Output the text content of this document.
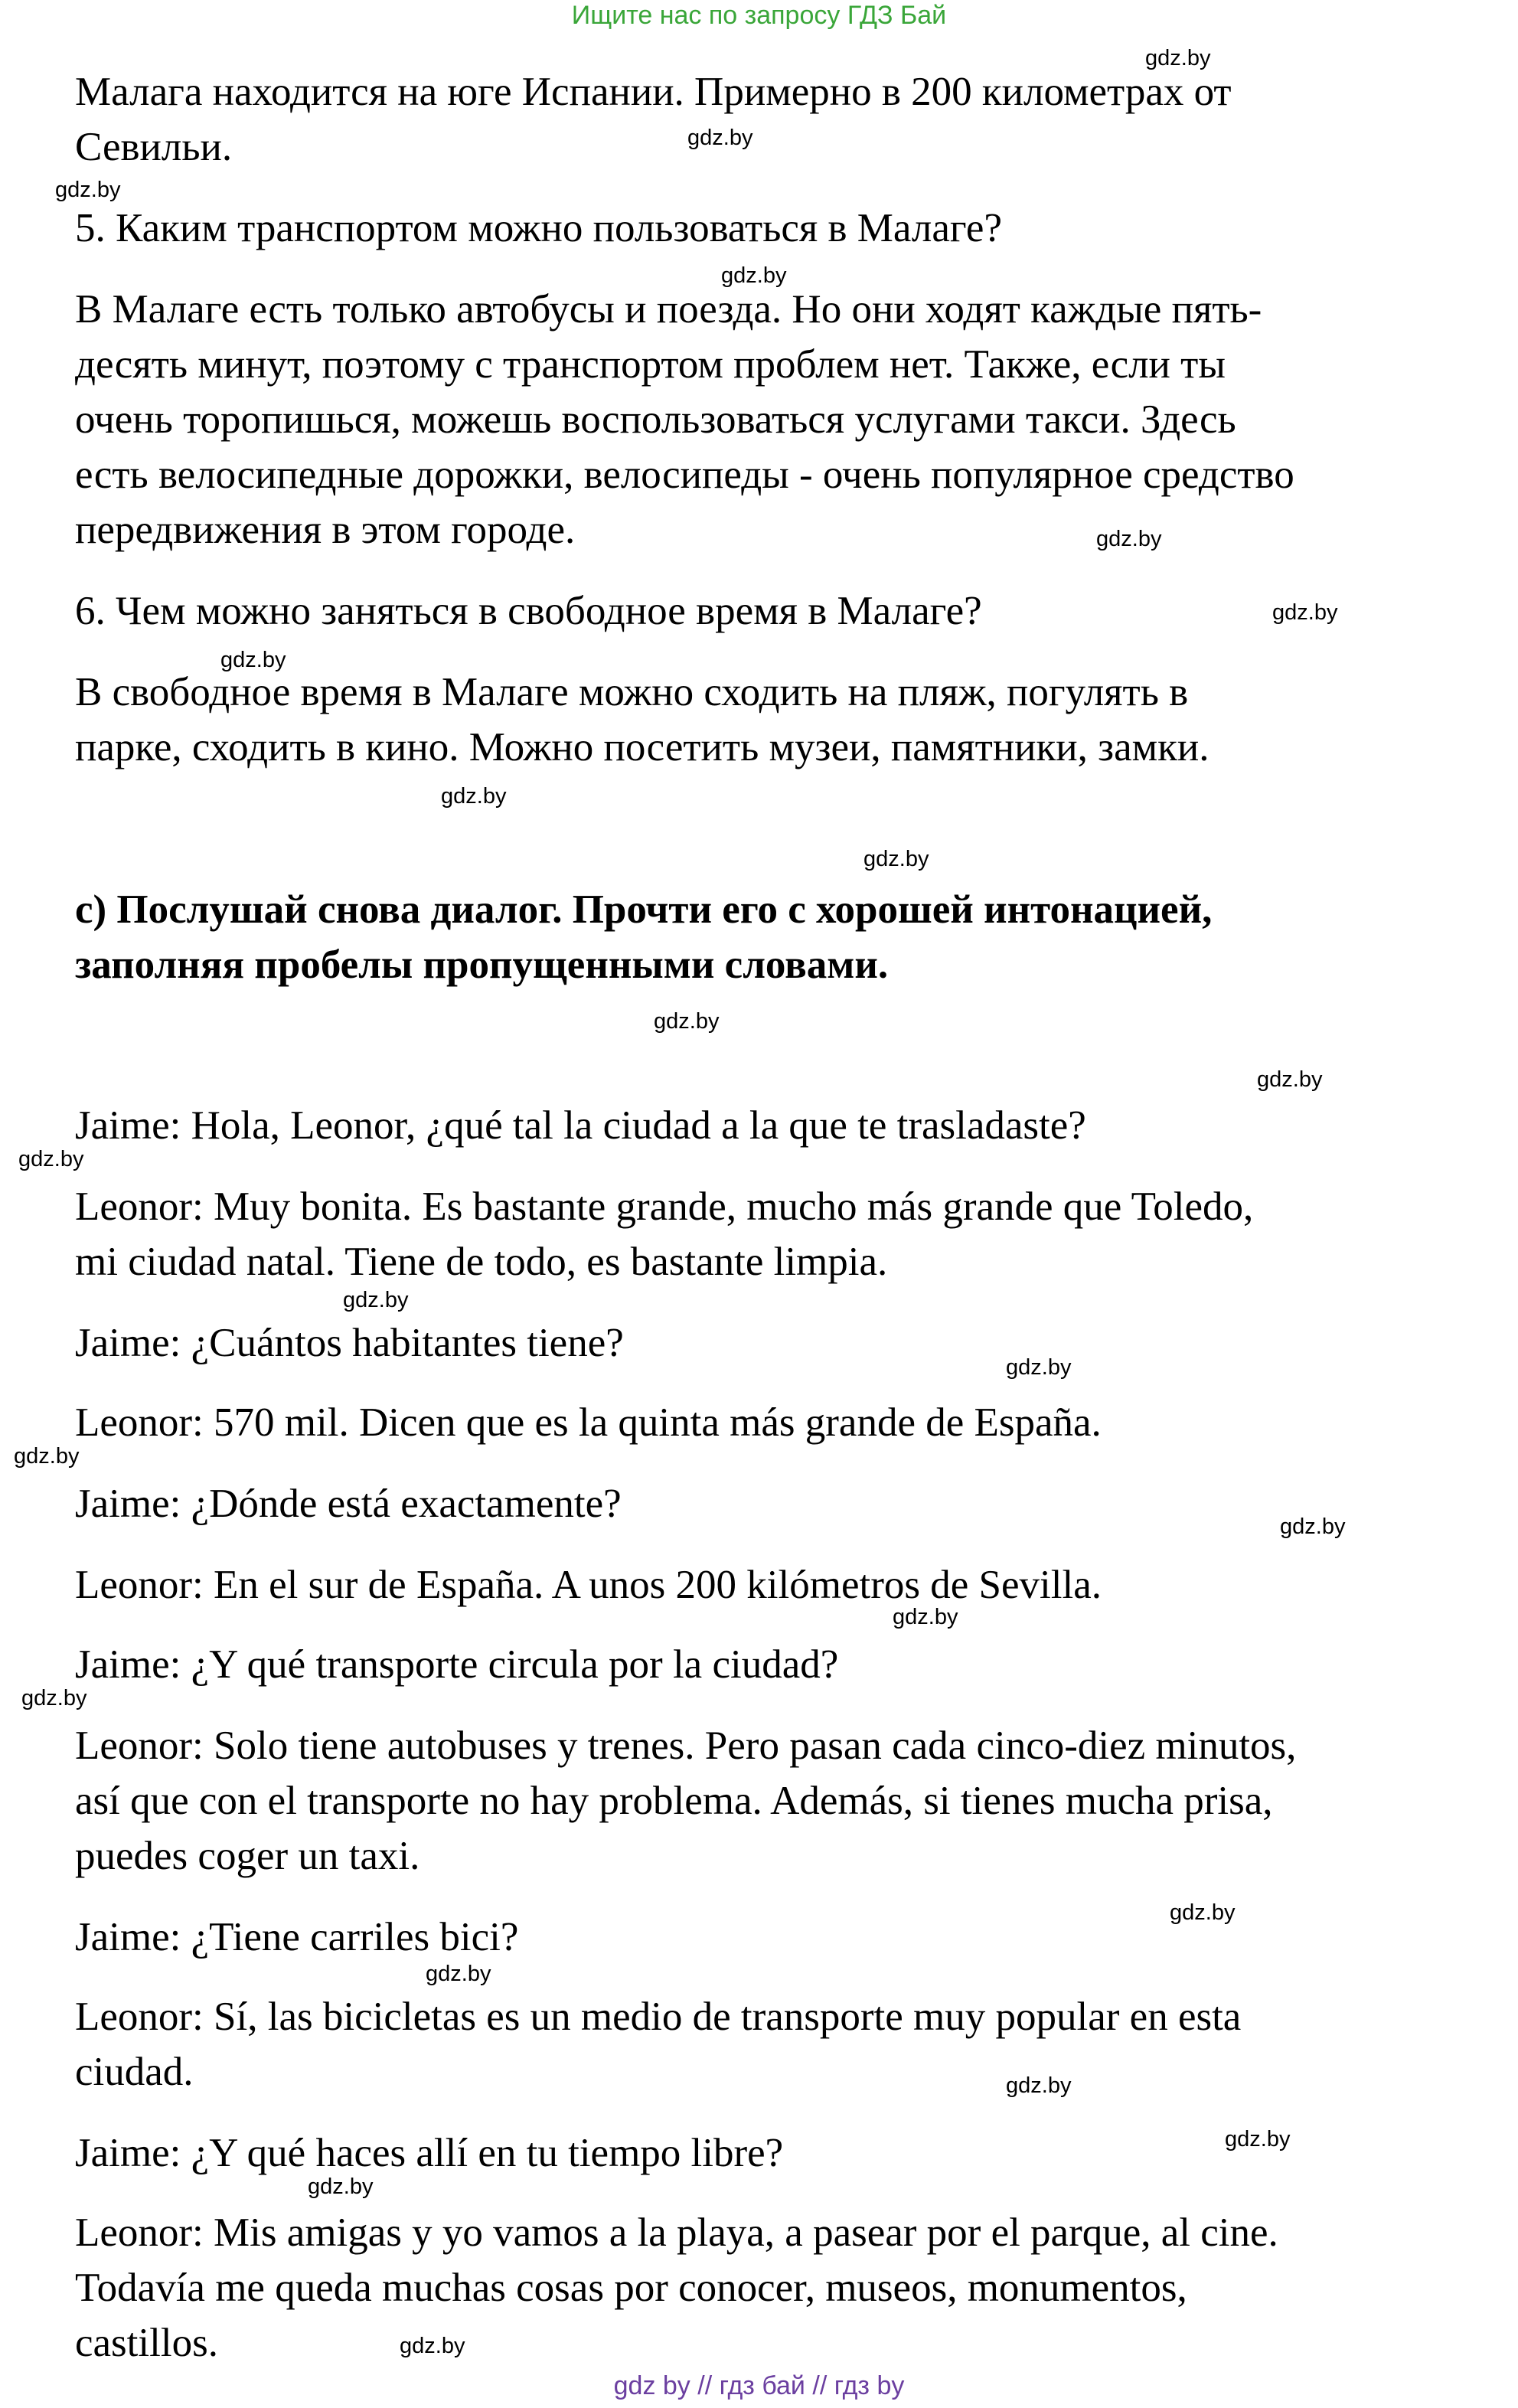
Ищите нас по запросу ГДЗ Бай
Малага находится на юге Испании. Примерно в 200 километрах от
Севильи.
5. Каким транспортом можно пользоваться в Малаге?
В Малаге есть только автобусы и поезда. Но они ходят каждые пять-
десять минут, поэтому с транспортом проблем нет. Также, если ты
очень торопишься, можешь воспользоваться услугами такси. Здесь
есть велосипедные дорожки, велосипеды - очень популярное средство
передвижения в этом городе.
6. Чем можно заняться в свободное время в Малаге?
В свободное время в Малаге можно сходить на пляж, погулять в
парке, сходить в кино. Можно посетить музеи, памятники, замки.
c) Послушай снова диалог. Прочти его с хорошей интонацией,
заполняя пробелы пропущенными словами.
Jaime: Hola, Leonor, ¿qué tal la ciudad a la que te trasladaste?
Leonor: Muy bonita. Es bastante grande, mucho más grande que Toledo,
mi ciudad natal. Tiene de todo, es bastante limpia.
Jaime: ¿Cuántos habitantes tiene?
Leonor: 570 mil. Dicen que es la quinta más grande de España.
Jaime: ¿Dónde está exactamente?
Leonor: En el sur de España. A unos 200 kilómetros de Sevilla.
Jaime: ¿Y qué transporte circula por la ciudad?
Leonor: Solo tiene autobuses y trenes. Pero pasan cada cinco-diez minutos,
así que con el transporte no hay problema. Además, si tienes mucha prisa,
puedes coger un taxi.
Jaime: ¿Tiene carriles bici?
Leonor: Sí, las bicicletas es un medio de transporte muy popular en esta
ciudad.
Jaime: ¿Y qué haces allí en tu tiempo libre?
Leonor: Mis amigas y yo vamos a la playa, a pasear por el parque, al cine.
Todavía me queda muchas cosas por conocer, museos, monumentos,
castillos.
gdz.by
gdz.by
gdz.by
gdz.by
gdz.by
gdz.by
gdz.by
gdz.by
gdz.by
gdz.by
gdz.by
gdz.by
gdz.by
gdz.by
gdz.by
gdz.by
gdz.by
gdz.by
gdz.by
gdz.by
gdz.by
gdz.by
gdz.by
gdz.by
gdz by // гдз бай // гдз by
